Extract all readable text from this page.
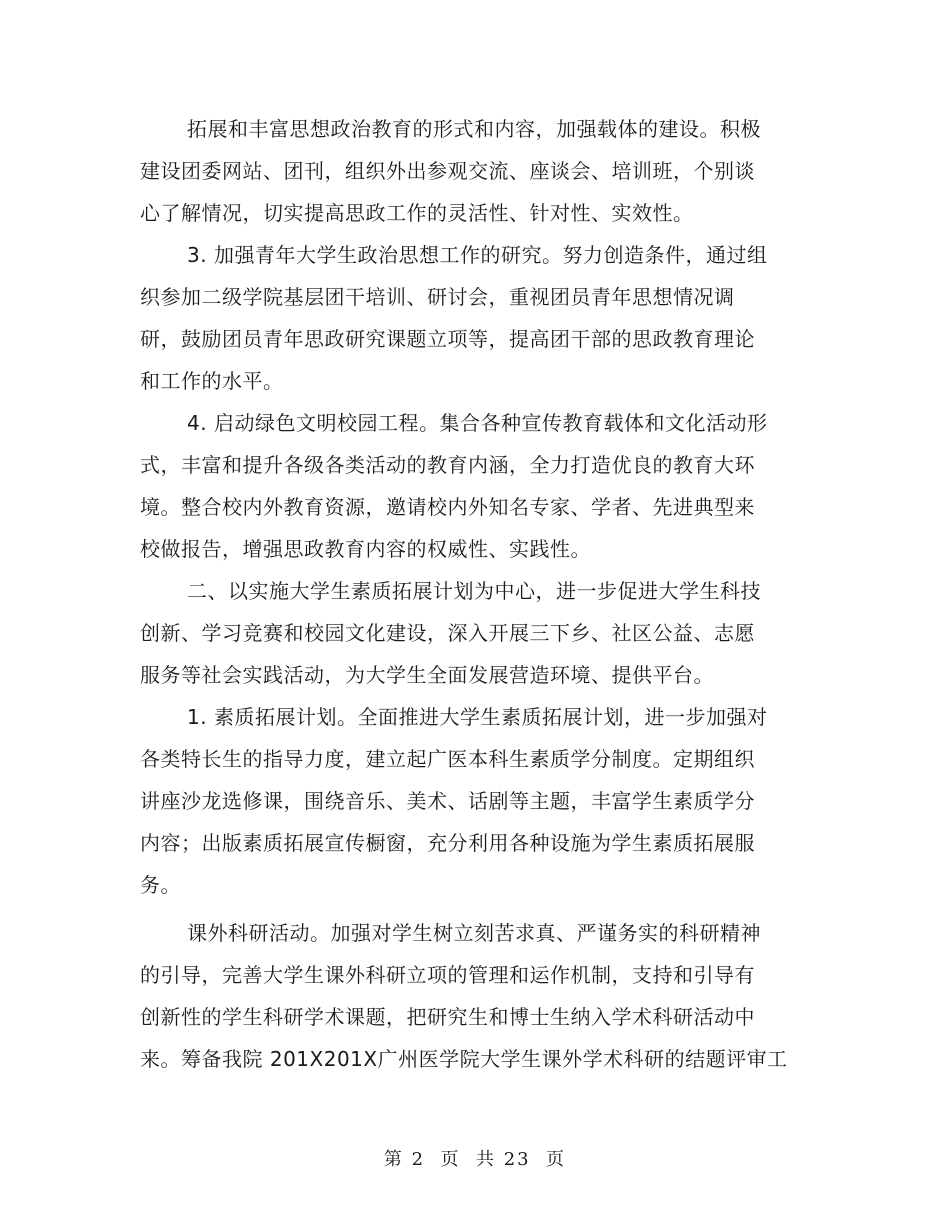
拓展和丰富思想政治教育的形式和内容，加强载体的建设。积极
建设团委网站、团刊，组织外出参观交流、座谈会、培训班，个别谈
心了解情况，切实提高思政工作的灵活性、针对性、实效性。
3. 加强青年大学生政治思想工作的研究。努力创造条件，通过组
织参加二级学院基层团干培训、研讨会，重视团员青年思想情况调
研，鼓励团员青年思政研究课题立项等，提高团干部的思政教育理论
和工作的水平。
4. 启动绿色文明校园工程。集合各种宣传教育载体和文化活动形
式，丰富和提升各级各类活动的教育内涵，全力打造优良的教育大环
境。整合校内外教育资源，邀请校内外知名专家、学者、先进典型来
校做报告，增强思政教育内容的权威性、实践性。
二、以实施大学生素质拓展计划为中心，进一步促进大学生科技
创新、学习竞赛和校园文化建设，深入开展三下乡、社区公益、志愿
服务等社会实践活动，为大学生全面发展营造环境、提供平台。
1. 素质拓展计划。全面推进大学生素质拓展计划，进一步加强对
各类特长生的指导力度，建立起广医本科生素质学分制度。定期组织
讲座沙龙选修课，围绕音乐、美术、话剧等主题，丰富学生素质学分
内容；出版素质拓展宣传橱窗，充分利用各种设施为学生素质拓展服
务。
课外科研活动。加强对学生树立刻苦求真、严谨务实的科研精神
的引导，完善大学生课外科研立项的管理和运作机制，支持和引导有
创新性的学生科研学术课题，把研究生和博士生纳入学术科研活动中
来。筹备我院 201X201X广州医学院大学生课外学术科研的结题评审工
第 2  页  共 23  页
